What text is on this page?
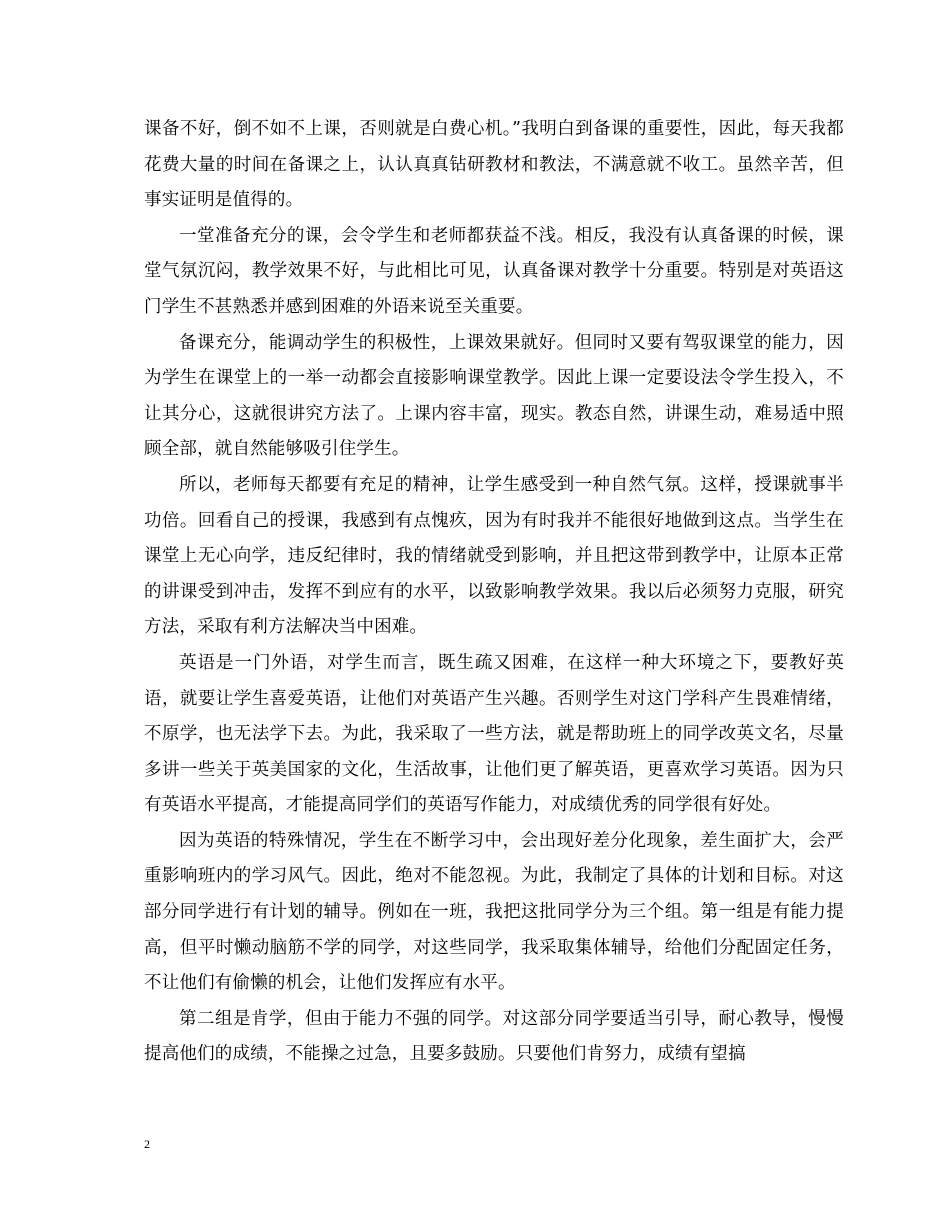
课备不好，倒不如不上课，否则就是白费心机。”我明白到备课的重要性，因此，每天我都花费大量的时间在备课之上，认认真真钻研教材和教法，不满意就不收工。虽然辛苦，但事实证明是值得的。

一堂准备充分的课，会令学生和老师都获益不浅。相反，我没有认真备课的时候，课堂气氛沉闷，教学效果不好，与此相比可见，认真备课对教学十分重要。特别是对英语这门学生不甚熟悉并感到困难的外语来说至关重要。

备课充分，能调动学生的积极性，上课效果就好。但同时又要有驾驭课堂的能力，因为学生在课堂上的一举一动都会直接影响课堂教学。因此上课一定要设法令学生投入，不让其分心，这就很讲究方法了。上课内容丰富，现实。教态自然，讲课生动，难易适中照顾全部，就自然能够吸引住学生。

所以，老师每天都要有充足的精神，让学生感受到一种自然气氛。这样，授课就事半功倍。回看自己的授课，我感到有点愧疚，因为有时我并不能很好地做到这点。当学生在课堂上无心向学，违反纪律时，我的情绪就受到影响，并且把这带到教学中，让原本正常的讲课受到冲击，发挥不到应有的水平，以致影响教学效果。我以后必须努力克服，研究方法，采取有利方法解决当中困难。

英语是一门外语，对学生而言，既生疏又困难，在这样一种大环境之下，要教好英语，就要让学生喜爱英语，让他们对英语产生兴趣。否则学生对这门学科产生畏难情绪，不原学，也无法学下去。为此，我采取了一些方法，就是帮助班上的同学改英文名，尽量多讲一些关于英美国家的文化，生活故事，让他们更了解英语，更喜欢学习英语。因为只有英语水平提高，才能提高同学们的英语写作能力，对成绩优秀的同学很有好处。

因为英语的特殊情况，学生在不断学习中，会出现好差分化现象，差生面扩大，会严重影响班内的学习风气。因此，绝对不能忽视。为此，我制定了具体的计划和目标。对这部分同学进行有计划的辅导。例如在一班，我把这批同学分为三个组。第一组是有能力提高，但平时懒动脑筋不学的同学，对这些同学，我采取集体辅导，给他们分配固定任务，不让他们有偷懒的机会，让他们发挥应有水平。

第二组是肯学，但由于能力不强的同学。对这部分同学要适当引导，耐心教导，慢慢提高他们的成绩，不能操之过急，且要多鼓励。只要他们肯努力，成绩有望搞

2
